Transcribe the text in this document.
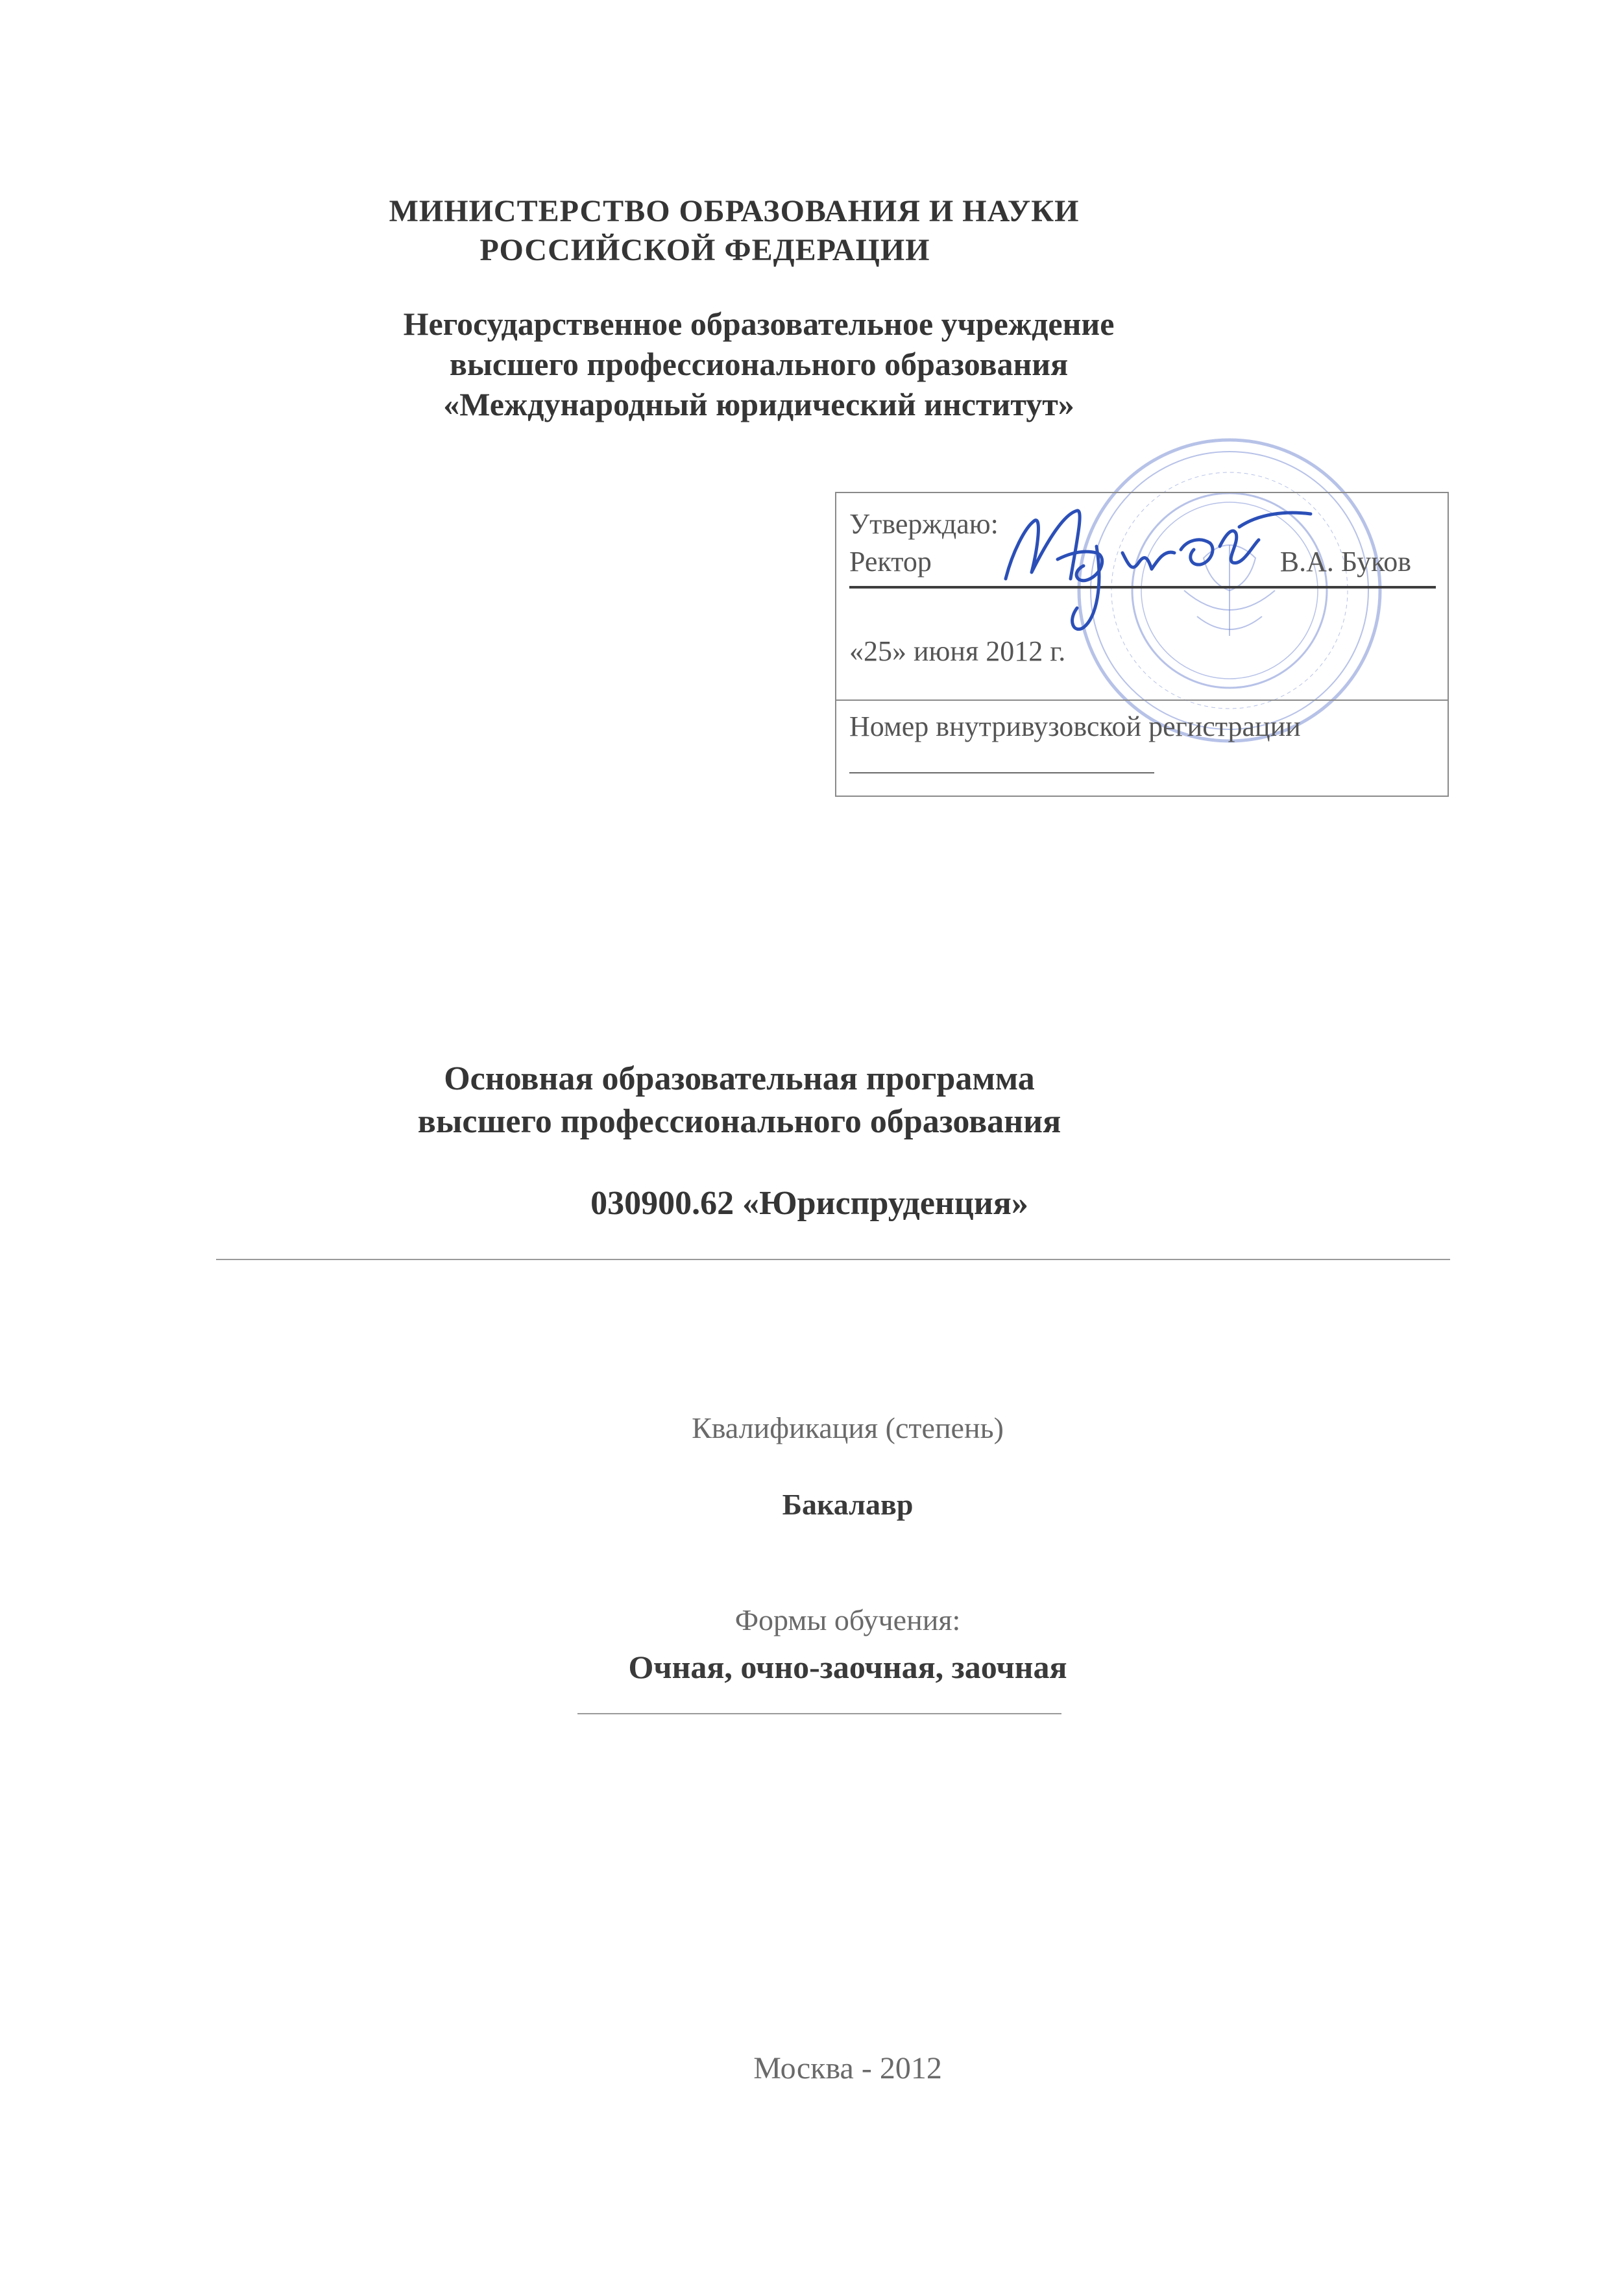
МИНИСТЕРСТВО ОБРАЗОВАНИЯ И НАУКИ
РОССИЙСКОЙ ФЕДЕРАЦИИ
Негосударственное образовательное учреждение
высшего профессионального образования
«Международный юридический институт»
Утверждаю:
Ректор	В.А. Буков
«25» июня 2012 г.
Номер внутривузовской регистрации
Основная образовательная программа
высшего профессионального образования
030900.62 «Юриспруденция»
Квалификация (степень)
Бакалавр
Формы обучения:
Очная, очно-заочная, заочная
Москва - 2012
